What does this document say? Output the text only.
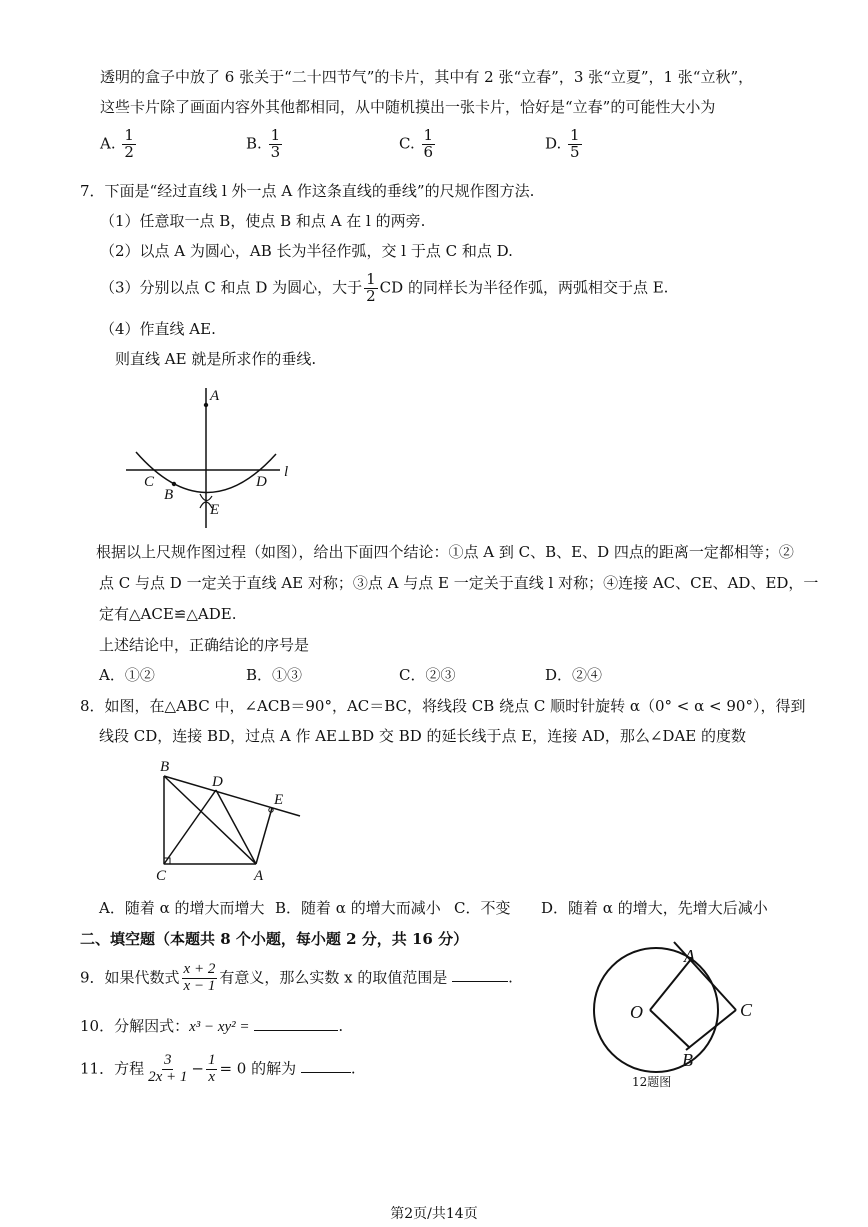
透明的盒子中放了 6 张关于“二十四节气”的卡片，其中有 2 张“立春”，3 张“立夏”，1 张“立秋”，
这些卡片除了画面内容外其他都相同，从中随机摸出一张卡片，恰好是“立春”的可能性大小为
A. $\frac{1}{2}$	B. $\frac{1}{3}$	C. $\frac{1}{6}$	D. $\frac{1}{5}$
7．下面是“经过直线 l 外一点 A 作这条直线的垂线”的尺规作图方法.
（1）任意取一点 B，使点 B 和点 A 在 l 的两旁.
（2）以点 A 为圆心，AB 长为半径作弧，交 l 于点 C 和点 D.
（3）分别以点 C 和点 D 为圆心，大于 $\frac{1}{2}$ CD 的同样长为半径作弧，两弧相交于点 E.
（4）作直线 AE.
则直线 AE 就是所求作的垂线.
A
C
B
D
E
l
根据以上尺规作图过程（如图），给出下面四个结论：①点 A 到 C、B、E、D 四点的距离一定都相等；②
点 C 与点 D 一定关于直线 AE 对称；③点 A 与点 E 一定关于直线 l 对称；④连接 AC、CE、AD、ED，一
定有△ACE≌△ADE.
上述结论中，正确结论的序号是
A．①②	B．①③	C．②③	D．②④
8．如图，在△ABC 中，∠ACB＝90°，AC＝BC，将线段 CB 绕点 C 顺时针旋转 α（0° < α < 90°），得到
线段 CD，连接 BD，过点 A 作 AE⊥BD 交 BD 的延长线于点 E，连接 AD，那么∠DAE 的度数
B
D
E
C	A
A．随着 α 的增大而增大 B．随着 α 的增大而减小 C．不变 D．随着 α 的增大，先增大后减小
二、填空题（本题共 8 个小题，每小题 2 分，共 16 分）
9．如果代数式 $\frac{x + 2}{x - 1}$ 有意义，那么实数 x 的取值范围是	.
10．分解因式：x³ − xy² =	.
11．方程 $\frac{3}{2x + 1} - \frac{1}{x} = 0$ 的解为	.
A
O	C
B
12题图
第2页/共14页
